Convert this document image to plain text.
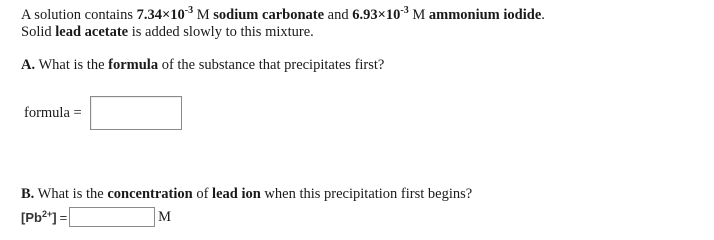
A solution contains $7.34\times 10^{-3}$ M sodium carbonate and $6.93\times 10^{-3}$ M ammonium iodide.
Solid lead acetate is added slowly to this mixture.
A. What is the formula of the substance that precipitates first?
formula =
B. What is the concentration of lead ion when this precipitation first begins?
$[Pb^{2+}]$ =	M
